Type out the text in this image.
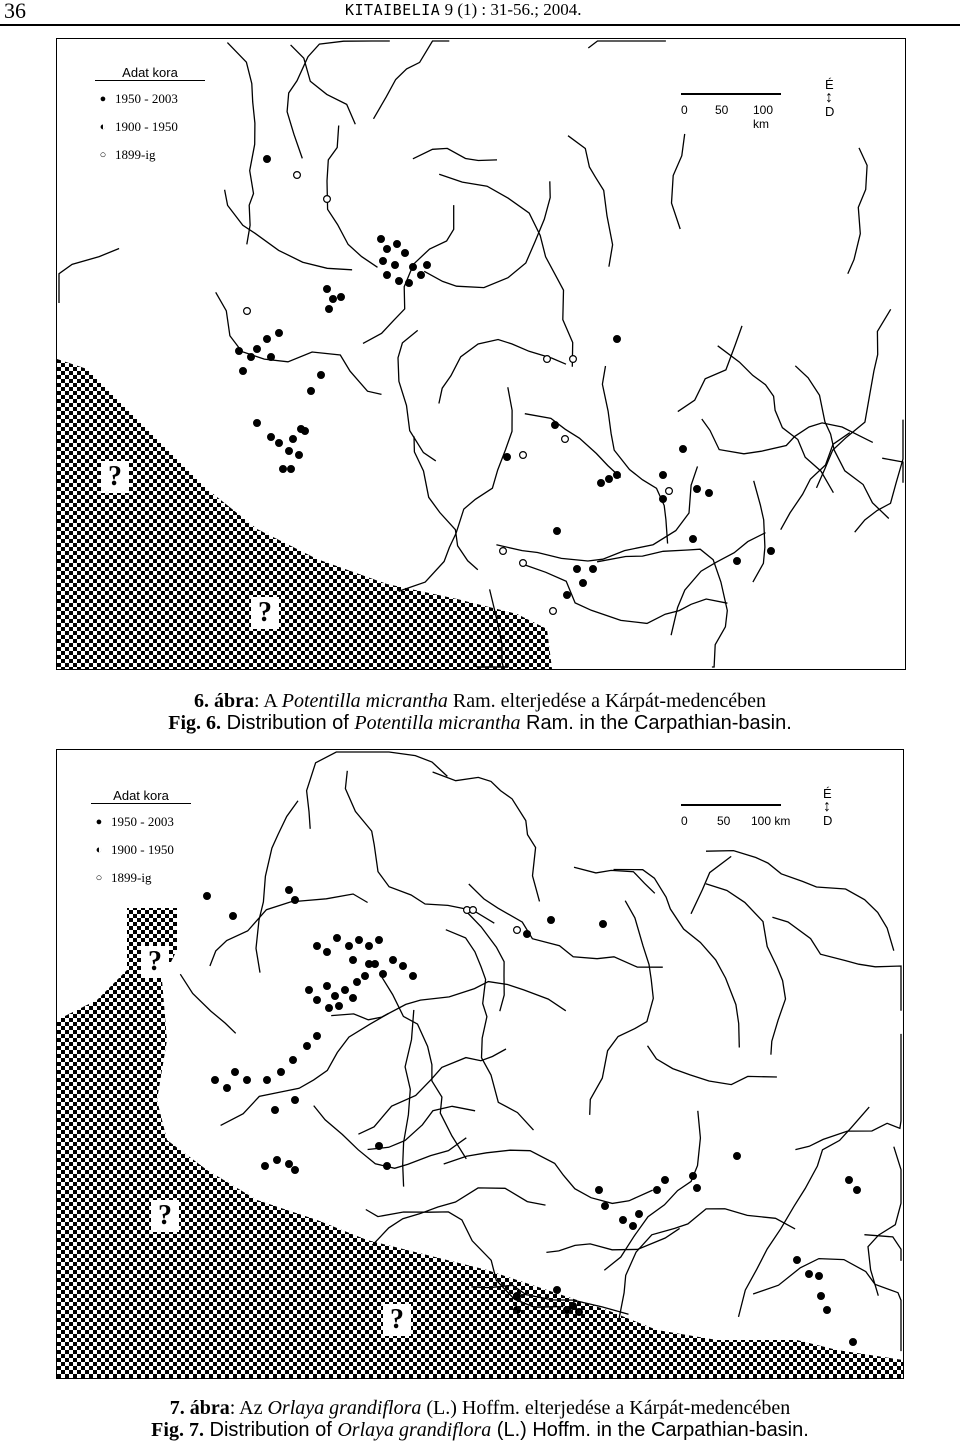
36	KITAIBELIA 9 (1) : 31-56.; 2004.
Adat kora
● 1950 - 2003
◐ 1900 - 1950
○ 1899-ig
0 50 100 km
É
↕
D
?
?
6. ábra: A Potentilla micrantha Ram. elterjedése a Kárpát-medencében
Fig. 6. Distribution of Potentilla micrantha Ram. in the Carpathian-basin.
Adat kora
● 1950 - 2003
◐ 1900 - 1950
○ 1899-ig
0 50 100 km
É
↕
D
?
?
?
7. ábra: Az Orlaya grandiflora (L.) Hoffm. elterjedése a Kárpát-medencében
Fig. 7. Distribution of Orlaya grandiflora (L.) Hoffm. in the Carpathian-basin.
